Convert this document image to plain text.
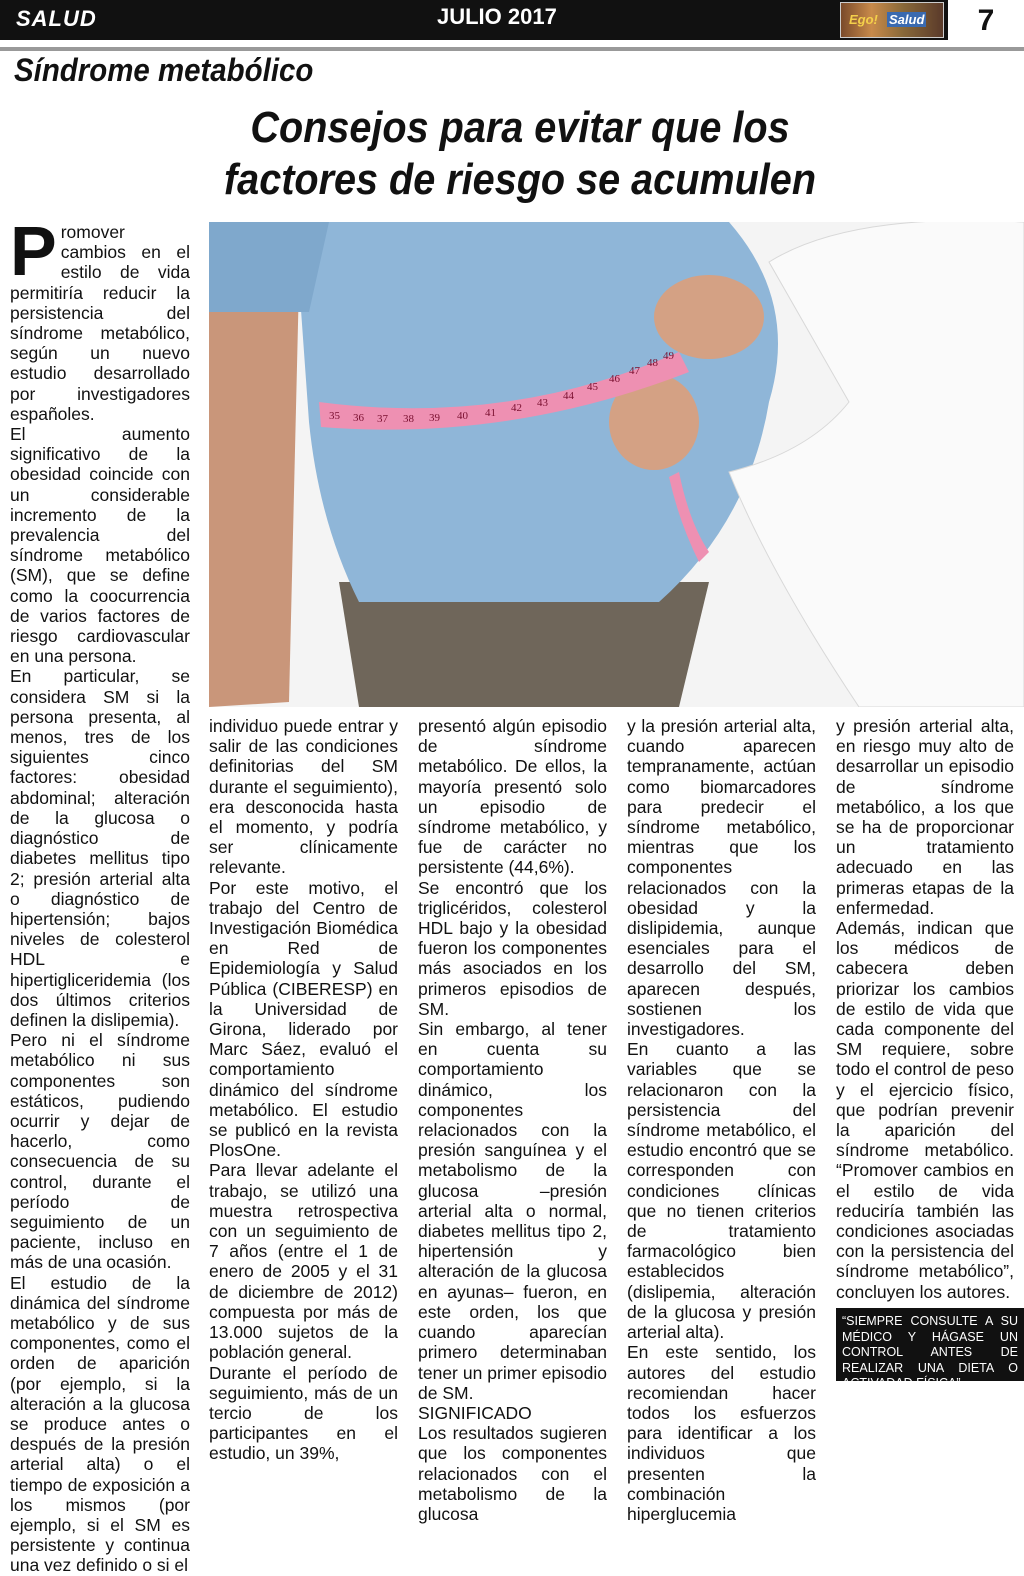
SALUD	JULIO 2017	Ego! Salud	7
Síndrome metabólico
Consejos para evitar que los factores de riesgo se acumulen
35 36 37 38 39 40 41 42 43
44
45
46
47
48
49

Promover cambios en el estilo de vida permitiría reducir la persistencia del síndrome metabólico, según un nuevo estudio desarrollado por investigadores españoles.

El aumento significativo de la obesidad coincide con un considerable incremento de la prevalencia del síndrome metabólico (SM), que se define como la coocurrencia de varios factores de riesgo cardiovascular en una persona.

En particular, se considera SM si la persona presenta, al menos, tres de los siguientes cinco factores: obesidad abdominal; alteración de la glucosa o diagnóstico de diabetes mellitus tipo 2; presión arterial alta o diagnóstico de hipertensión; bajos niveles de colesterol HDL e hipertigliceridemia (los dos últimos criterios definen la dislipemia).

Pero ni el síndrome metabólico ni sus componentes son estáticos, pudiendo ocurrir y dejar de hacerlo, como consecuencia de su control, durante el período de seguimiento de un paciente, incluso en más de una ocasión.

El estudio de la dinámica del síndrome metabólico y de sus componentes, como el orden de aparición (por ejemplo, si la alteración a la glucosa se produce antes o después de la presión arterial alta) o el tiempo de exposición a los mismos (por ejemplo, si el SM es persistente y continua una vez definido o si el

individuo puede entrar y salir de las condiciones definitorias del SM durante el seguimiento), era desconocida hasta el momento, y podría ser clínicamente relevante.

Por este motivo, el trabajo del Centro de Investigación Biomédica en Red de Epidemiología y Salud Pública (CIBERESP) en la Universidad de Girona, liderado por Marc Sáez, evaluó el comportamiento dinámico del síndrome metabólico. El estudio se publicó en la revista PlosOne.

Para llevar adelante el trabajo, se utilizó una muestra retrospectiva con un seguimiento de 7 años (entre el 1 de enero de 2005 y el 31 de diciembre de 2012) compuesta por más de 13.000 sujetos de la población general.

Durante el período de seguimiento, más de un tercio de los participantes en el estudio, un 39%,

presentó algún episodio de síndrome metabólico. De ellos, la mayoría presentó solo un episodio de síndrome metabólico, y fue de carácter no persistente (44,6%).

Se encontró que los triglicéridos, colesterol HDL bajo y la obesidad fueron los componentes más asociados en los primeros episodios de SM.

Sin embargo, al tener en cuenta su comportamiento dinámico, los componentes relacionados con la presión sanguínea y el metabolismo de la glucosa –presión arterial alta o normal, diabetes mellitus tipo 2, hipertensión y alteración de la glucosa en ayunas– fueron, en este orden, los que cuando aparecían primero determinaban tener un primer episodio de SM.

SIGNIFICADO

Los resultados sugieren que los componentes relacionados con el metabolismo de la glucosa

y la presión arterial alta, cuando aparecen tempranamente, actúan como biomarcadores para predecir el síndrome metabólico, mientras que los componentes relacionados con la obesidad y la dislipidemia, aunque esenciales para el desarrollo del SM, aparecen después, sostienen los investigadores.

En cuanto a las variables que se relacionaron con la persistencia del síndrome metabólico, el estudio encontró que se corresponden con condiciones clínicas que no tienen criterios de tratamiento farmacológico bien establecidos (dislipemia, alteración de la glucosa y presión arterial alta).

En este sentido, los autores del estudio recomiendan hacer todos los esfuerzos para identificar a los individuos que presenten la combinación hiperglucemia

y presión arterial alta, en riesgo muy alto de desarrollar un episodio de síndrome metabólico, a los que se ha de proporcionar un tratamiento adecuado en las primeras etapas de la enfermedad.

Además, indican que los médicos de cabecera deben priorizar los cambios de estilo de vida que cada componente del SM requiere, sobre todo el control de peso y el ejercicio físico, que podrían prevenir la aparición del síndrome metabólico. “Promover cambios en el estilo de vida reduciría también las condiciones asociadas con la persistencia del síndrome metabólico”, concluyen los autores.

“SIEMPRE CONSULTE A SU MÉDICO Y HÁGASE UN CONTROL ANTES DE REALIZAR UNA DIETA O ACTIVADAD FÍSICA”
